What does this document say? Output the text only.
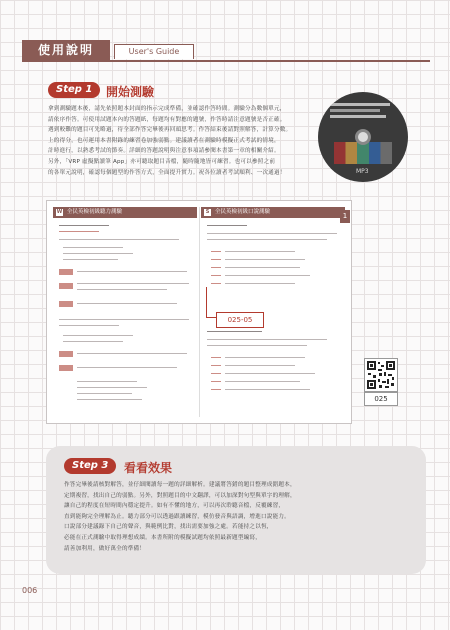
使用說明	User's Guide
Step 1	開始測驗
拿到測驗題本後，請先依照題本封面的指示完成準備，並確認作答時間。測驗分為數個單元，
請依序作答。可使用試題本內的答題紙，每題均有對應的題號，作答時請注意題號是否正確。
遇到較難的題目可先略過，待全部作答完畢後再回頭思考。作答結束後請對照解答，計算分數。
上的得分，也可運用本書附錄的練習卷加強弱點。建議讀者在測驗時模擬正式考試的情境，
計時進行，以熟悉考試的節奏。詳細的答題說明與注意事項請參閱本書第一章的相關介紹。
另外，「VRP 虛擬點讀筆 App」亦可聽取題目音檔，隨時隨地皆可練習。也可以參照之前
的各單元說明，確認每個題型的作答方式，全面提升實力。祝各位讀者考試順利、一次通過！	MP3
W 全民英檢初級聽力測驗	S	全民英檢初級口說測驗	1
025-05
025
Step 3	看看效果
作答完畢後請核對解答，並仔細閱讀每一題的詳細解析。建議將答錯的題目整理成錯題本，
定期複習，找出自己的弱點。另外，對照題目的中文翻譯，可以加深對句型與單字的理解，
讓自己的程度在短時間內穩定提升。如有不懂的地方，可以再次聆聽音檔，反覆練習，
直到能夠完全理解為止。聽力部分可以透過跟讀練習，模仿發音與語調，增進口說能力。
口說部分建議錄下自己的聲音，與範例比對，找出需要加強之處。若能持之以恆，
必能在正式測驗中取得理想成績。本書所附的模擬試題均依照最新題型編寫，
請善加利用，做好萬全的準備！
006
